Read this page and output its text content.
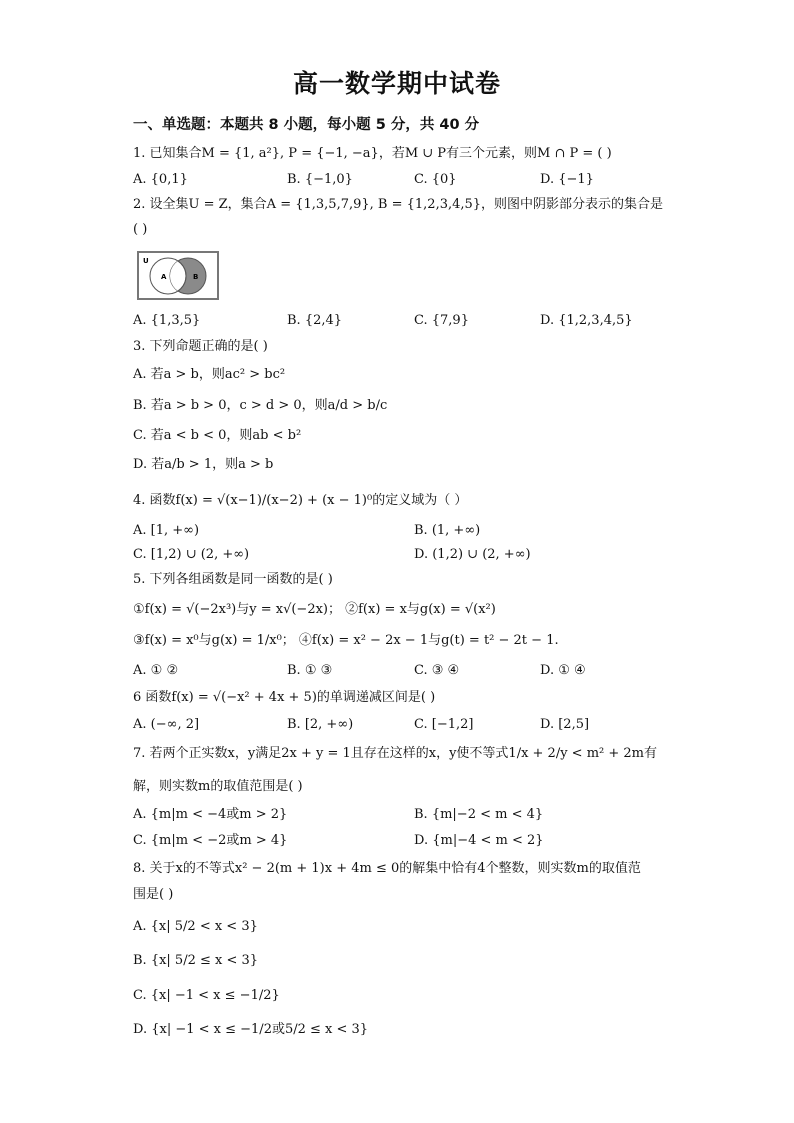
高一数学期中试卷
一、单选题：本题共 8 小题，每小题 5 分，共 40 分
1. 已知集合M = {1, a²}, P = {−1, −a}，若M ∪ P有三个元素，则M ∩ P = ( )
A. {0,1}	B. {−1,0}	C. {0}	D. {−1}
2. 设全集U = Z，集合A = {1,3,5,7,9}, B = {1,2,3,4,5}，则图中阴影部分表示的集合是
( )
U
A	B
A. {1,3,5}	B. {2,4}	C. {7,9}	D. {1,2,3,4,5}
3. 下列命题正确的是( )
A. 若a > b，则ac² > bc²
B. 若a > b > 0，c > d > 0，则a/d > b/c
C. 若a < b < 0，则ab < b²
D. 若a/b > 1，则a > b
4. 函数f(x) = √(x−1)/(x−2) + (x − 1)⁰的定义域为（ ）
A. [1, +∞)	B. (1, +∞)
C. [1,2) ∪ (2, +∞)	D. (1,2) ∪ (2, +∞)
5. 下列各组函数是同一函数的是( )
①f(x) = √(−2x³)与y = x√(−2x)； ②f(x) = x与g(x) = √(x²)
③f(x) = x⁰与g(x) = 1/x⁰； ④f(x) = x² − 2x − 1与g(t) = t² − 2t − 1.
A. ① ②	B. ① ③	C. ③ ④	D. ① ④
6 函数f(x) = √(−x² + 4x + 5)的单调递减区间是( )
A. (−∞, 2]	B. [2, +∞)	C. [−1,2]	D. [2,5]
7. 若两个正实数x，y满足2x + y = 1且存在这样的x，y使不等式1/x + 2/y < m² + 2m有
解，则实数m的取值范围是( )
A. {m|m < −4或m > 2}	B. {m|−2 < m < 4}
C. {m|m < −2或m > 4}	D. {m|−4 < m < 2}
8. 关于x的不等式x² − 2(m + 1)x + 4m ≤ 0的解集中恰有4个整数，则实数m的取值范
围是( )
A. {x| 5/2 < x < 3}
B. {x| 5/2 ≤ x < 3}
C. {x| −1 < x ≤ −1/2}
D. {x| −1 < x ≤ −1/2或5/2 ≤ x < 3}
